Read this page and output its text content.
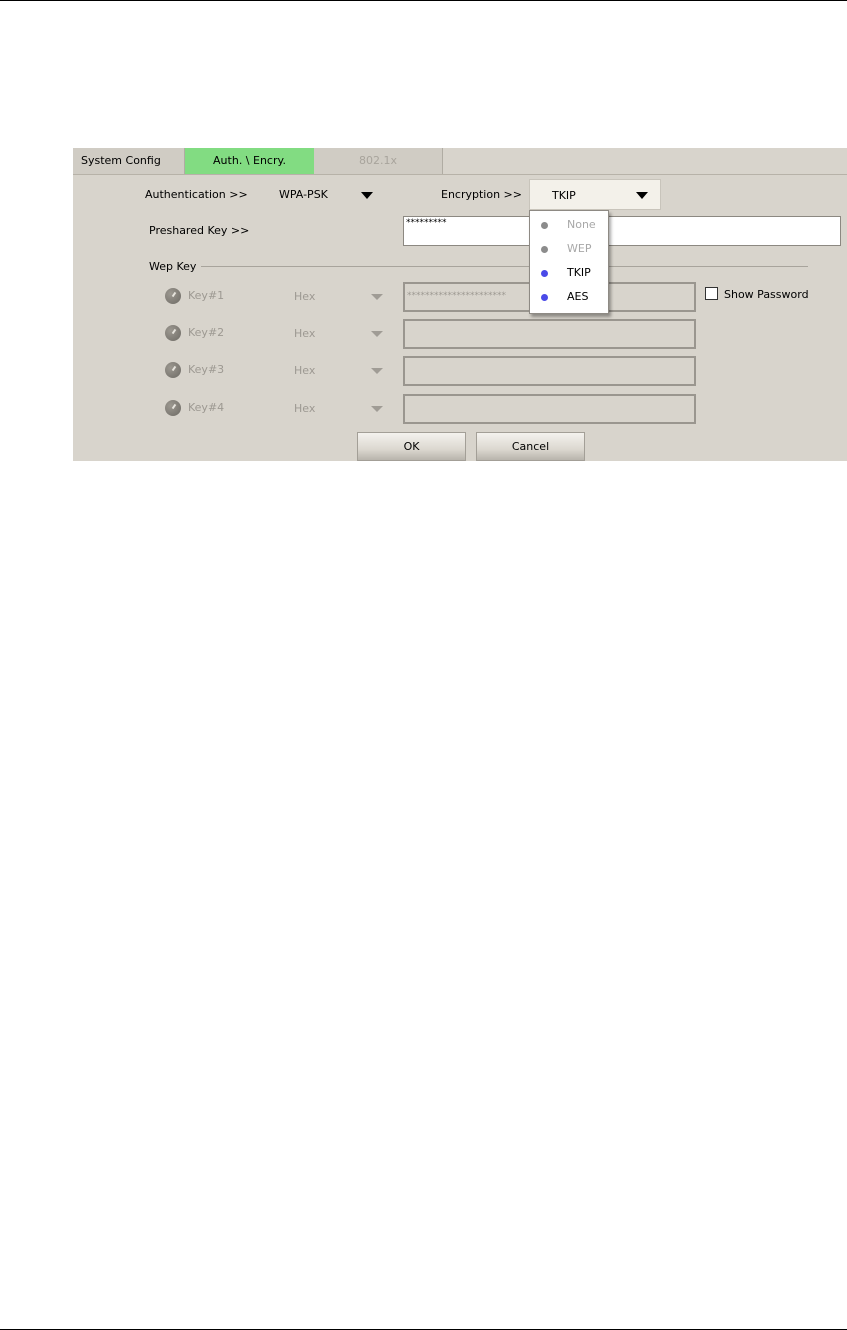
System Config	Auth. \ Encry.	802.1x
Authentication >>	WPA-PSK	Encryption >>	TKIP
Preshared Key >>
*********
Wep Key
Key#1	Hex	**********************
Key#2	Hex
Key#3	Hex
Key#4	Hex
Show Password
OK	Cancel
None
WEP
TKIP
AES
